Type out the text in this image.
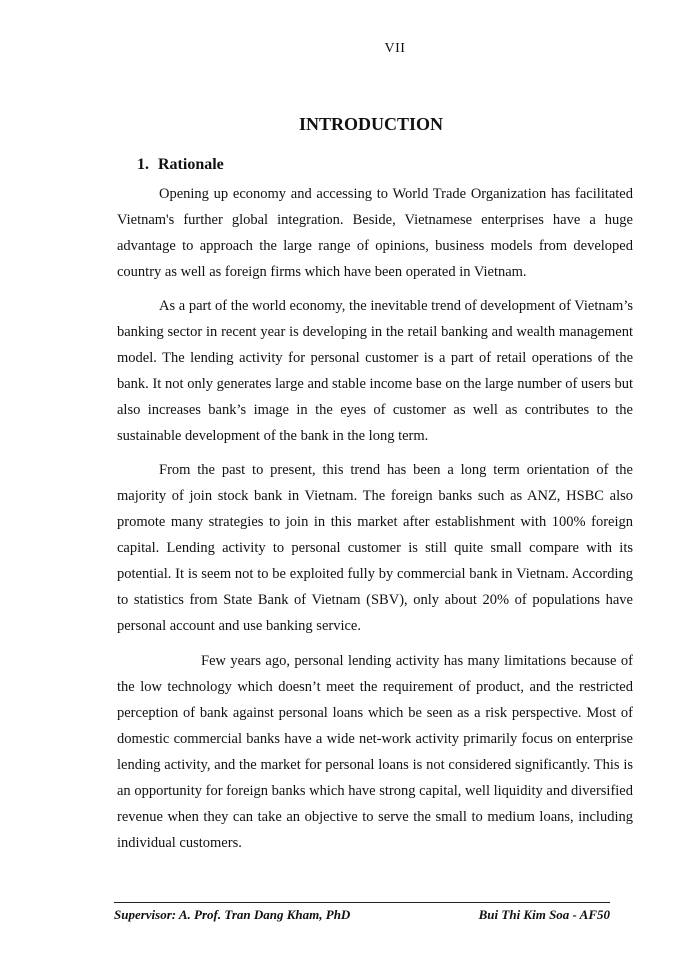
VII
INTRODUCTION
1. Rationale

Opening up economy and accessing to World Trade Organization has facilitated Vietnam's further global integration. Beside, Vietnamese enterprises have a huge advantage to approach the large range of opinions, business models from developed country as well as foreign firms which have been operated in Vietnam.

As a part of the world economy, the inevitable trend of development of Vietnam’s banking sector in recent year is developing in the retail banking and wealth management model. The lending activity for personal customer is a part of retail operations of the bank. It not only generates large and stable income base on the large number of users but also increases bank’s image in the eyes of customer as well as contributes to the sustainable development of the bank in the long term.

From the past to present, this trend has been a long term orientation of the majority of join stock bank in Vietnam. The foreign banks such as ANZ, HSBC also promote many strategies to join in this market after establishment with 100% foreign capital. Lending activity to personal customer is still quite small compare with its potential. It is seem not to be exploited fully by commercial bank in Vietnam. According to statistics from State Bank of Vietnam (SBV), only about 20% of populations have personal account and use banking service.

Few years ago, personal lending activity has many limitations because of the low technology which doesn’t meet the requirement of product, and the restricted perception of bank against personal loans which be seen as a risk perspective. Most of domestic commercial banks have a wide net-work activity primarily focus on enterprise lending activity, and the market for personal loans is not considered significantly. This is an opportunity for foreign banks which have strong capital, well liquidity and diversified revenue when they can take an objective to serve the small to medium loans, including individual customers.

Supervisor: A. Prof. Tran Dang Kham, PhD	Bui Thi Kim Soa - AF50
